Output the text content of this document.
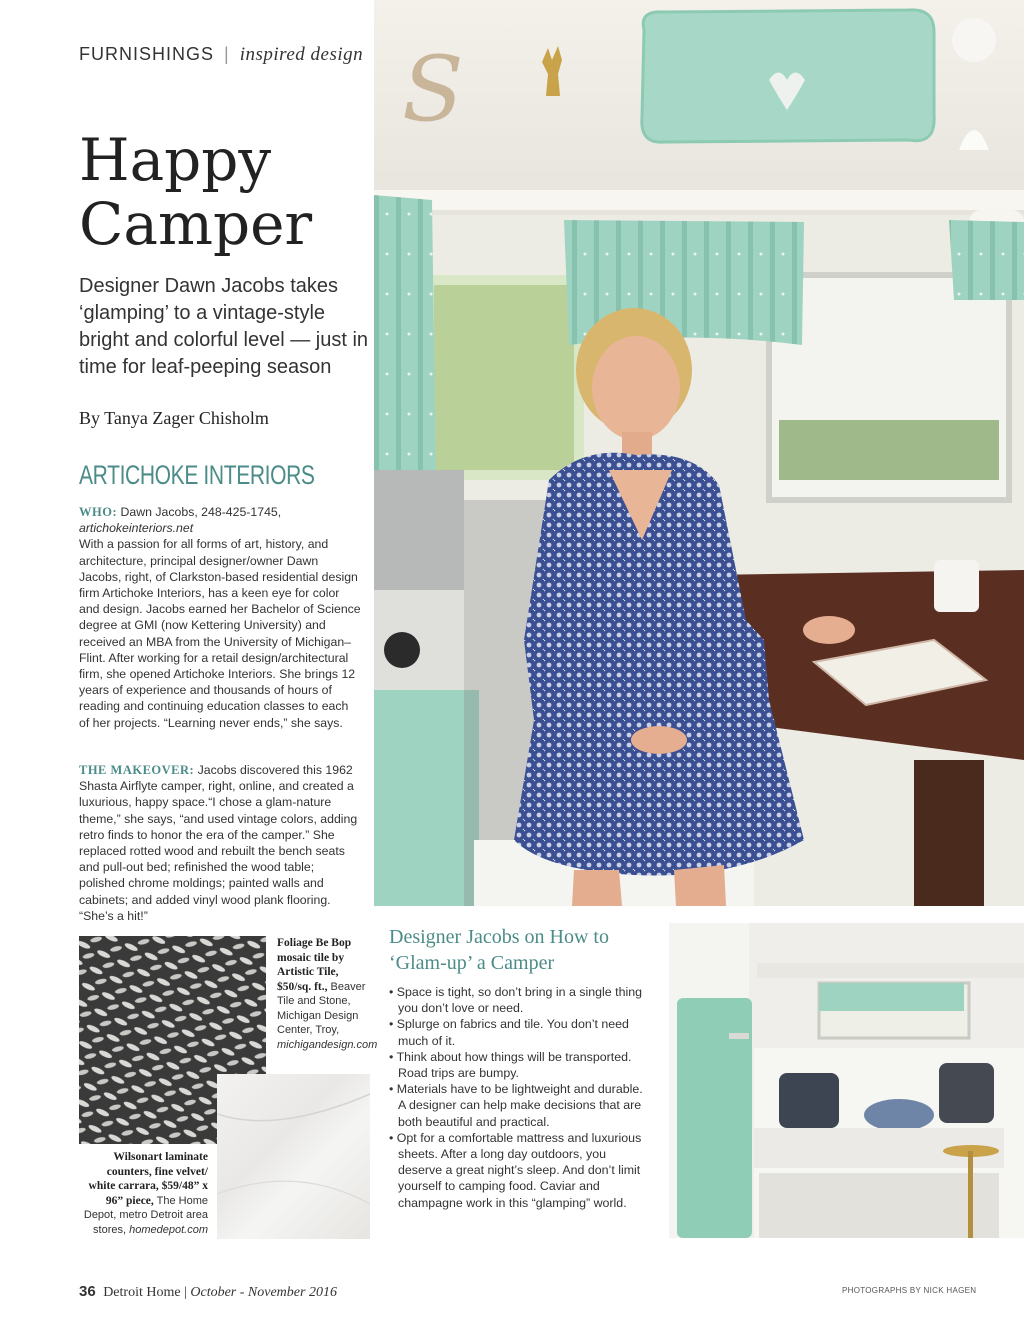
FURNISHINGS | inspired design
Happy
Camper
Designer Dawn Jacobs takes ‘glamping’ to a vintage-style bright and colorful level — just in time for leaf-peeping season
By Tanya Zager Chisholm
ARTICHOKE INTERIORS
WHO: Dawn Jacobs, 248-425-1745,
artichokeinteriors.net
With a passion for all forms of art, history, and architecture, principal designer/owner Dawn Jacobs, right, of Clarkston-based residential design firm Artichoke Interiors, has a keen eye for color and design. Jacobs earned her Bachelor of Science degree at GMI (now Kettering University) and received an MBA from the University of Michigan–Flint. After working for a retail design/architectural firm, she opened Artichoke Interiors. She brings 12 years of experience and thousands of hours of reading and continuing education classes to each of her projects. “Learning never ends,” she says.
THE MAKEOVER: Jacobs discovered this 1962 Shasta Airflyte camper, right, online, and created a luxurious, happy space.“I chose a glam-nature theme,” she says, “and used vintage colors, adding retro finds to honor the era of the camper.” She replaced rotted wood and rebuilt the bench seats and pull-out bed; refinished the wood table; polished chrome moldings; painted walls and cabinets; and added vinyl wood plank flooring. “She’s a hit!”
S
Foliage Be Bop mosaic tile by Artistic Tile, $50/sq. ft., Beaver Tile and Stone, Michigan Design Center, Troy, michigandesign.com
Wilsonart laminate counters, fine velvet/ white carrara, $59/48” x 96” piece, The Home Depot, metro Detroit area stores, homedepot.com
Designer Jacobs on How to ‘Glam-up’ a Camper
• Space is tight, so don’t bring in a single thing you don’t love or need.
• Splurge on fabrics and tile. You don’t need much of it.
• Think about how things will be transported. Road trips are bumpy.
• Materials have to be lightweight and durable. A designer can help make decisions that are both beautiful and practical.
• Opt for a comfortable mattress and luxurious sheets. After a long day outdoors, you deserve a great night’s sleep. And don’t limit yourself to camping food. Caviar and champagne work in this “glamping” world.
36 Detroit Home | October - November 2016	PHOTOGRAPHS BY NICK HAGEN
